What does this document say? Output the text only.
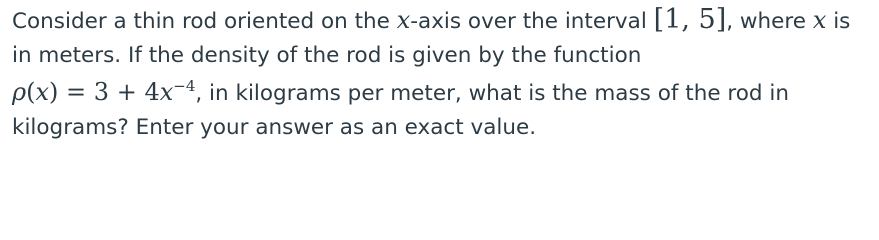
Consider a thin rod oriented on the x-axis over the interval [1, 5], where x is
in meters. If the density of the rod is given by the function
$\rho(x) = 3 + 4x^{-4}$, in kilograms per meter, what is the mass of the rod in
kilograms? Enter your answer as an exact value.
